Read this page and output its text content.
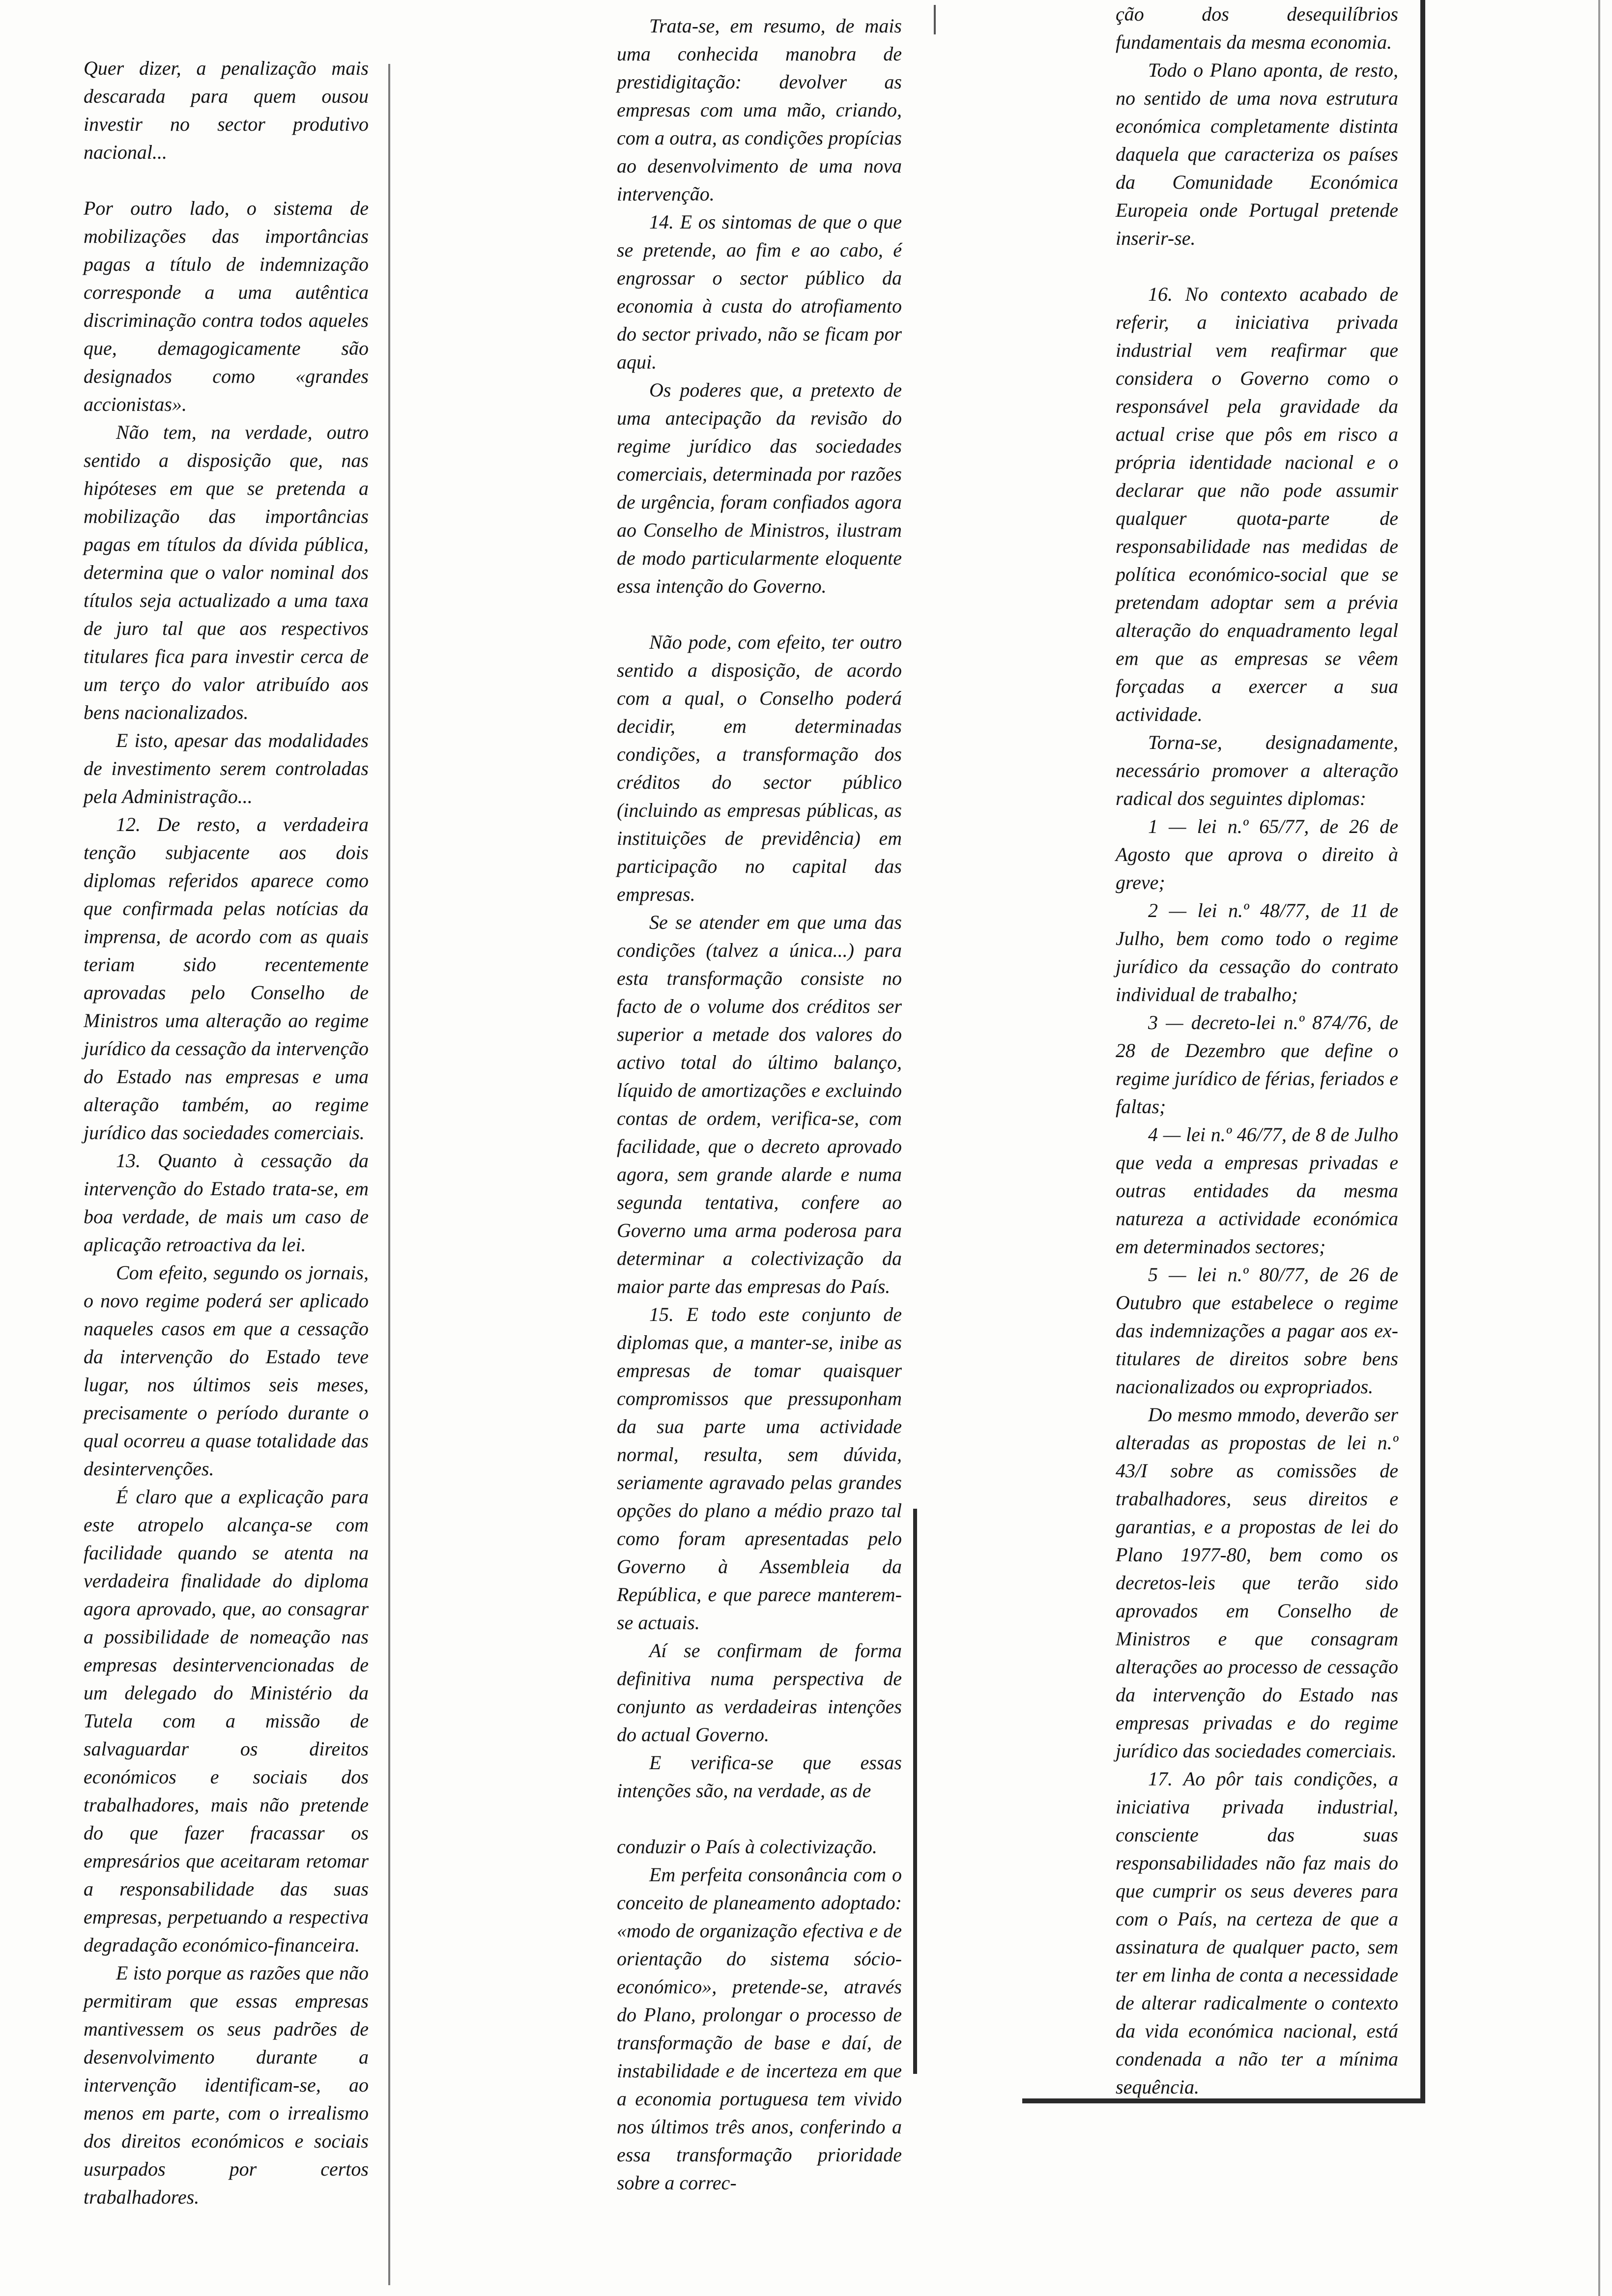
Quer dizer, a penalização mais descarada para quem ousou investir no sector produtivo nacional...

Por outro lado, o sistema de mobilizações das importâncias pagas a título de indemnização corresponde a uma autêntica discriminação contra todos aqueles que, demagogicamente são designados como «grandes accionistas».

Não tem, na verdade, outro sentido a disposição que, nas hipóteses em que se pretenda a mobilização das importâncias pagas em títulos da dívida pública, determina que o valor nominal dos títulos seja actualizado a uma taxa de juro tal que aos respectivos titulares fica para investir cerca de um terço do valor atribuído aos bens nacionalizados.

E isto, apesar das modalidades de investimento serem controladas pela Administração...

12. De resto, a verdadeira tenção subjacente aos dois diplomas referidos aparece como que confirmada pelas notícias da imprensa, de acordo com as quais teriam sido recentemente aprovadas pelo Conselho de Ministros uma alteração ao regime jurídico da cessação da intervenção do Estado nas empresas e uma alteração também, ao regime jurídico das sociedades comerciais.

13. Quanto à cessação da intervenção do Estado trata-se, em boa verdade, de mais um caso de aplicação retroactiva da lei.

Com efeito, segundo os jornais, o novo regime poderá ser aplicado naqueles casos em que a cessação da intervenção do Estado teve lugar, nos últimos seis meses, precisamente o período durante o qual ocorreu a quase totalidade das desintervenções.

É claro que a explicação para este atropelo alcança-se com facilidade quando se atenta na verdadeira finalidade do diploma agora aprovado, que, ao consagrar a possibilidade de nomeação nas empresas desintervencionadas de um delegado do Ministério da Tutela com a missão de salvaguardar os direitos económicos e sociais dos trabalhadores, mais não pretende do que fazer fracassar os empresários que aceitaram retomar a responsabilidade das suas empresas, perpetuando a respectiva degradação económico-financeira.

E isto porque as razões que não permitiram que essas empresas mantivessem os seus padrões de desenvolvimento durante a intervenção identificam-se, ao menos em parte, com o irrealismo dos direitos económicos e sociais usurpados por certos trabalhadores.

Trata-se, em resumo, de mais uma conhecida manobra de prestidigitação: devolver as empresas com uma mão, criando, com a outra, as condições propícias ao desenvolvimento de uma nova intervenção.

14. E os sintomas de que o que se pretende, ao fim e ao cabo, é engrossar o sector público da economia à custa do atrofiamento do sector privado, não se ficam por aqui.

Os poderes que, a pretexto de uma antecipação da revisão do regime jurídico das sociedades comerciais, determinada por razões de urgência, foram confiados agora ao Conselho de Ministros, ilustram de modo particularmente eloquente essa intenção do Governo.

Não pode, com efeito, ter outro sentido a disposição, de acordo com a qual, o Conselho poderá decidir, em determinadas condições, a transformação dos créditos do sector público (incluindo as empresas públicas, as instituições de previdência) em participação no capital das empresas.

Se se atender em que uma das condições (talvez a única...) para esta transformação consiste no facto de o volume dos créditos ser superior a metade dos valores do activo total do último balanço, líquido de amortizações e excluindo contas de ordem, verifica-se, com facilidade, que o decreto aprovado agora, sem grande alarde e numa segunda tentativa, confere ao Governo uma arma poderosa para determinar a colectivização da maior parte das empresas do País.

15. E todo este conjunto de diplomas que, a manter-se, inibe as empresas de tomar quaisquer compromissos que pressuponham da sua parte uma actividade normal, resulta, sem dúvida, seriamente agravado pelas grandes opções do plano a médio prazo tal como foram apresentadas pelo Governo à Assembleia da República, e que parece manterem-se actuais.

Aí se confirmam de forma definitiva numa perspectiva de conjunto as verdadeiras intenções do actual Governo.

E verifica-se que essas intenções são, na verdade, as de

conduzir o País à colectivização.

Em perfeita consonância com o conceito de planeamento adoptado: «modo de organização efectiva e de orientação do sistema sócio-económico», pretende-se, através do Plano, prolongar o processo de transformação de base e daí, de instabilidade e de incerteza em que a economia portuguesa tem vivido nos últimos três anos, conferindo a essa transformação prioridade sobre a correc-

ção dos desequilíbrios fundamentais da mesma economia.

Todo o Plano aponta, de resto, no sentido de uma nova estrutura económica completamente distinta daquela que caracteriza os países da Comunidade Económica Europeia onde Portugal pretende inserir-se.

16. No contexto acabado de referir, a iniciativa privada industrial vem reafirmar que considera o Governo como o responsável pela gravidade da actual crise que pôs em risco a própria identidade nacional e o declarar que não pode assumir qualquer quota-parte de responsabilidade nas medidas de política económico-social que se pretendam adoptar sem a prévia alteração do enquadramento legal em que as empresas se vêem forçadas a exercer a sua actividade.

Torna-se, designadamente, necessário promover a alteração radical dos seguintes diplomas:

1 — lei n.º 65/77, de 26 de Agosto que aprova o direito à greve;

2 — lei n.º 48/77, de 11 de Julho, bem como todo o regime jurídico da cessação do contrato individual de trabalho;

3 — decreto-lei n.º 874/76, de 28 de Dezembro que define o regime jurídico de férias, feriados e faltas;

4 — lei n.º 46/77, de 8 de Julho que veda a empresas privadas e outras entidades da mesma natureza a actividade económica em determinados sectores;

5 — lei n.º 80/77, de 26 de Outubro que estabelece o regime das indemnizações a pagar aos ex-titulares de direitos sobre bens nacionalizados ou expropriados.

Do mesmo mmodo, deverão ser alteradas as propostas de lei n.º 43/I sobre as comissões de trabalhadores, seus direitos e garantias, e a propostas de lei do Plano 1977-80, bem como os decretos-leis que terão sido aprovados em Conselho de Ministros e que consagram alterações ao processo de cessação da intervenção do Estado nas empresas privadas e do regime jurídico das sociedades comerciais.

17. Ao pôr tais condições, a iniciativa privada industrial, consciente das suas responsabilidades não faz mais do que cumprir os seus deveres para com o País, na certeza de que a assinatura de qualquer pacto, sem ter em linha de conta a necessidade de alterar radicalmente o contexto da vida económica nacional, está condenada a não ter a mínima sequência.
